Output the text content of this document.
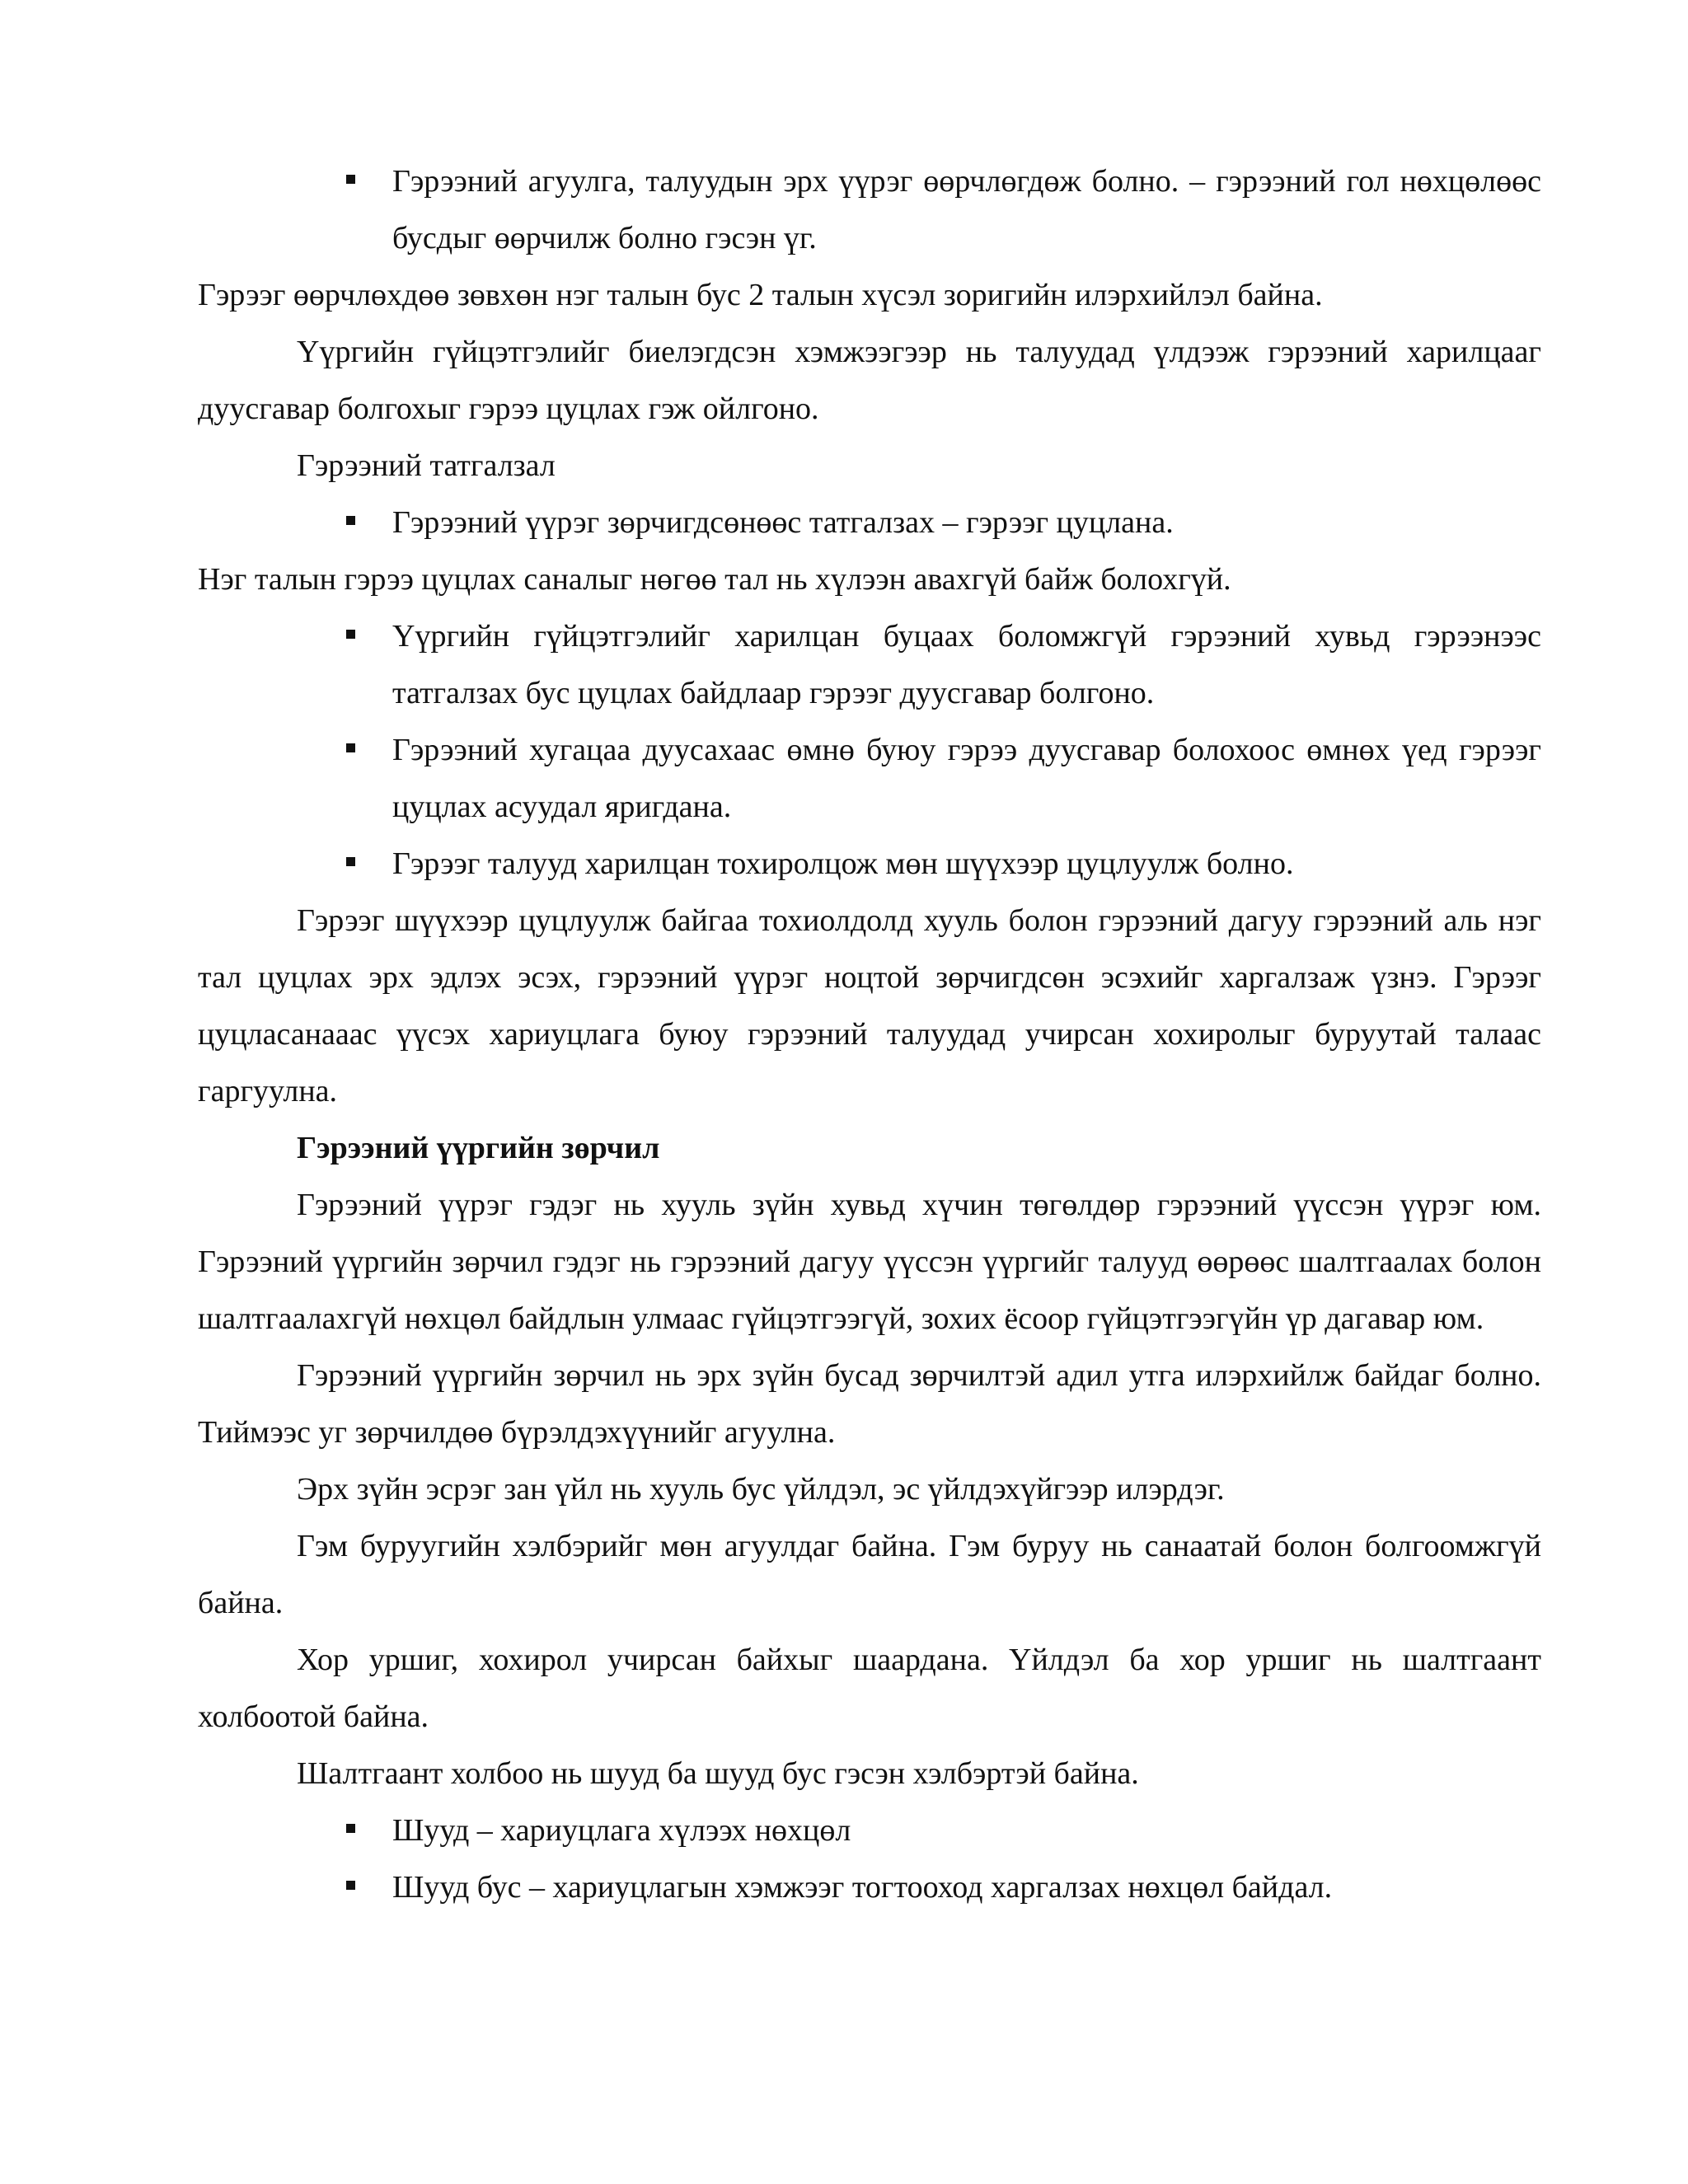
Гэрээний агуулга, талуудын эрх үүрэг өөрчлөгдөж болно. – гэрээний гол нөхцөлөөс бусдыг өөрчилж болно гэсэн үг.

Гэрээг өөрчлөхдөө зөвхөн нэг талын бус 2 талын хүсэл зоригийн илэрхийлэл байна.

Үүргийн гүйцэтгэлийг биелэгдсэн хэмжээгээр нь талуудад үлдээж гэрээний харилцааг дуусгавар болгохыг гэрээ цуцлах гэж ойлгоно.

Гэрээний татгалзал

Гэрээний үүрэг зөрчигдсөнөөс татгалзах – гэрээг цуцлана.

Нэг талын гэрээ цуцлах саналыг нөгөө тал нь хүлээн авахгүй байж болохгүй.

Үүргийн гүйцэтгэлийг харилцан буцаах боломжгүй гэрээний хувьд гэрээнээс татгалзах бус цуцлах байдлаар гэрээг дуусгавар болгоно.
Гэрээний хугацаа дуусахаас өмнө буюу гэрээ дуусгавар болохоос өмнөх үед гэрээг цуцлах асуудал яригдана.
Гэрээг талууд харилцан тохиролцож мөн шүүхээр цуцлуулж болно.

Гэрээг шүүхээр цуцлуулж байгаа тохиолдолд хууль болон гэрээний дагуу гэрээний аль нэг тал цуцлах эрх эдлэх эсэх, гэрээний үүрэг ноцтой зөрчигдсөн эсэхийг харгалзаж үзнэ. Гэрээг цуцласанааас үүсэх хариуцлага буюу гэрээний талуудад учирсан хохиролыг буруутай талаас гаргуулна.

Гэрээний үүргийн зөрчил

Гэрээний үүрэг гэдэг нь хууль зүйн хувьд хүчин төгөлдөр гэрээний үүссэн үүрэг юм. Гэрээний үүргийн зөрчил гэдэг нь гэрээний дагуу үүссэн үүргийг талууд өөрөөс шалтгаалах болон шалтгаалахгүй нөхцөл байдлын улмаас гүйцэтгээгүй, зохих ёсоор гүйцэтгээгүйн үр дагавар юм.

Гэрээний үүргийн зөрчил нь эрх зүйн бусад зөрчилтэй адил утга илэрхийлж байдаг болно. Тиймээс уг зөрчилдөө бүрэлдэхүүнийг агуулна.

Эрх зүйн эсрэг зан үйл нь хууль бус үйлдэл, эс үйлдэхүйгээр илэрдэг.

Гэм буруугийн хэлбэрийг мөн агуулдаг байна. Гэм буруу нь санаатай болон болгоомжгүй байна.

Хор уршиг, хохирол учирсан байхыг шаардана. Үйлдэл ба хор уршиг нь шалтгаант холбоотой байна.

Шалтгаант холбоо нь шууд ба шууд бус гэсэн хэлбэртэй байна.

Шууд – хариуцлага хүлээх нөхцөл
Шууд бус – хариуцлагын хэмжээг тогтооход харгалзах нөхцөл байдал.
